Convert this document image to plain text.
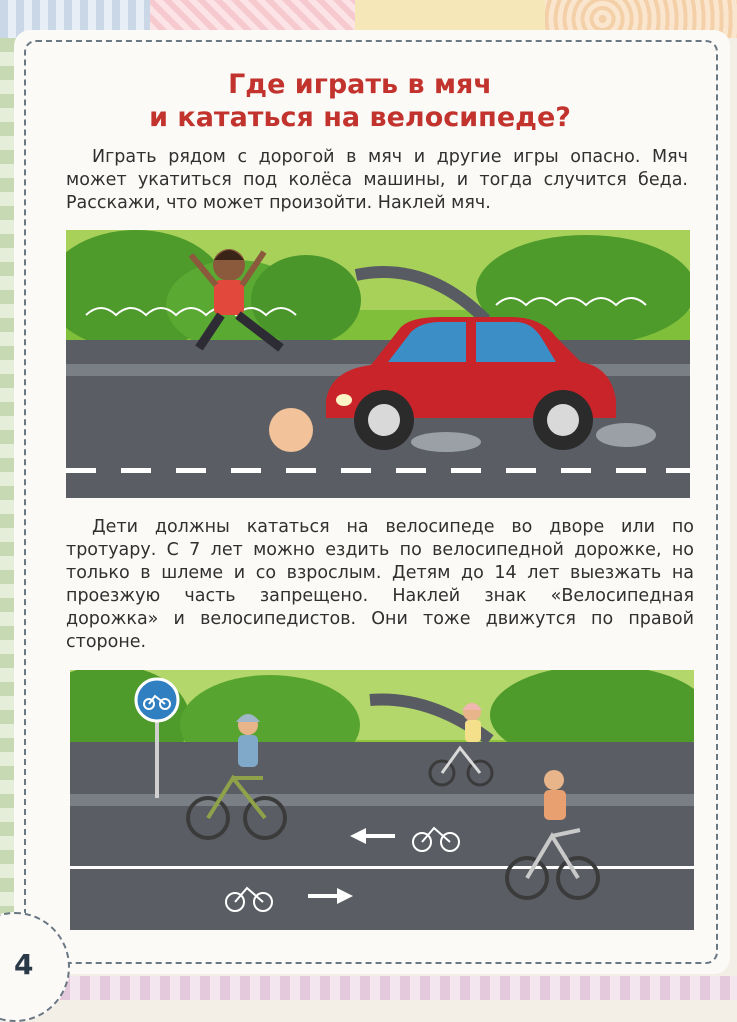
Где играть в мяч
и кататься на велосипеде?
Играть рядом с дорогой в мяч и другие игры опасно. Мяч может укатиться под колёса машины, и тогда случится беда. Расскажи, что может произойти. Наклей мяч.
Дети должны кататься на велосипеде во дворе или по тротуару. С 7 лет можно ездить по велосипедной дорожке, но только в шлеме и со взрослым. Детям до 14 лет выезжать на проезжую часть запрещено. Наклей знак «Велосипедная дорожка» и велосипедистов. Они тоже движутся по правой стороне.
4
